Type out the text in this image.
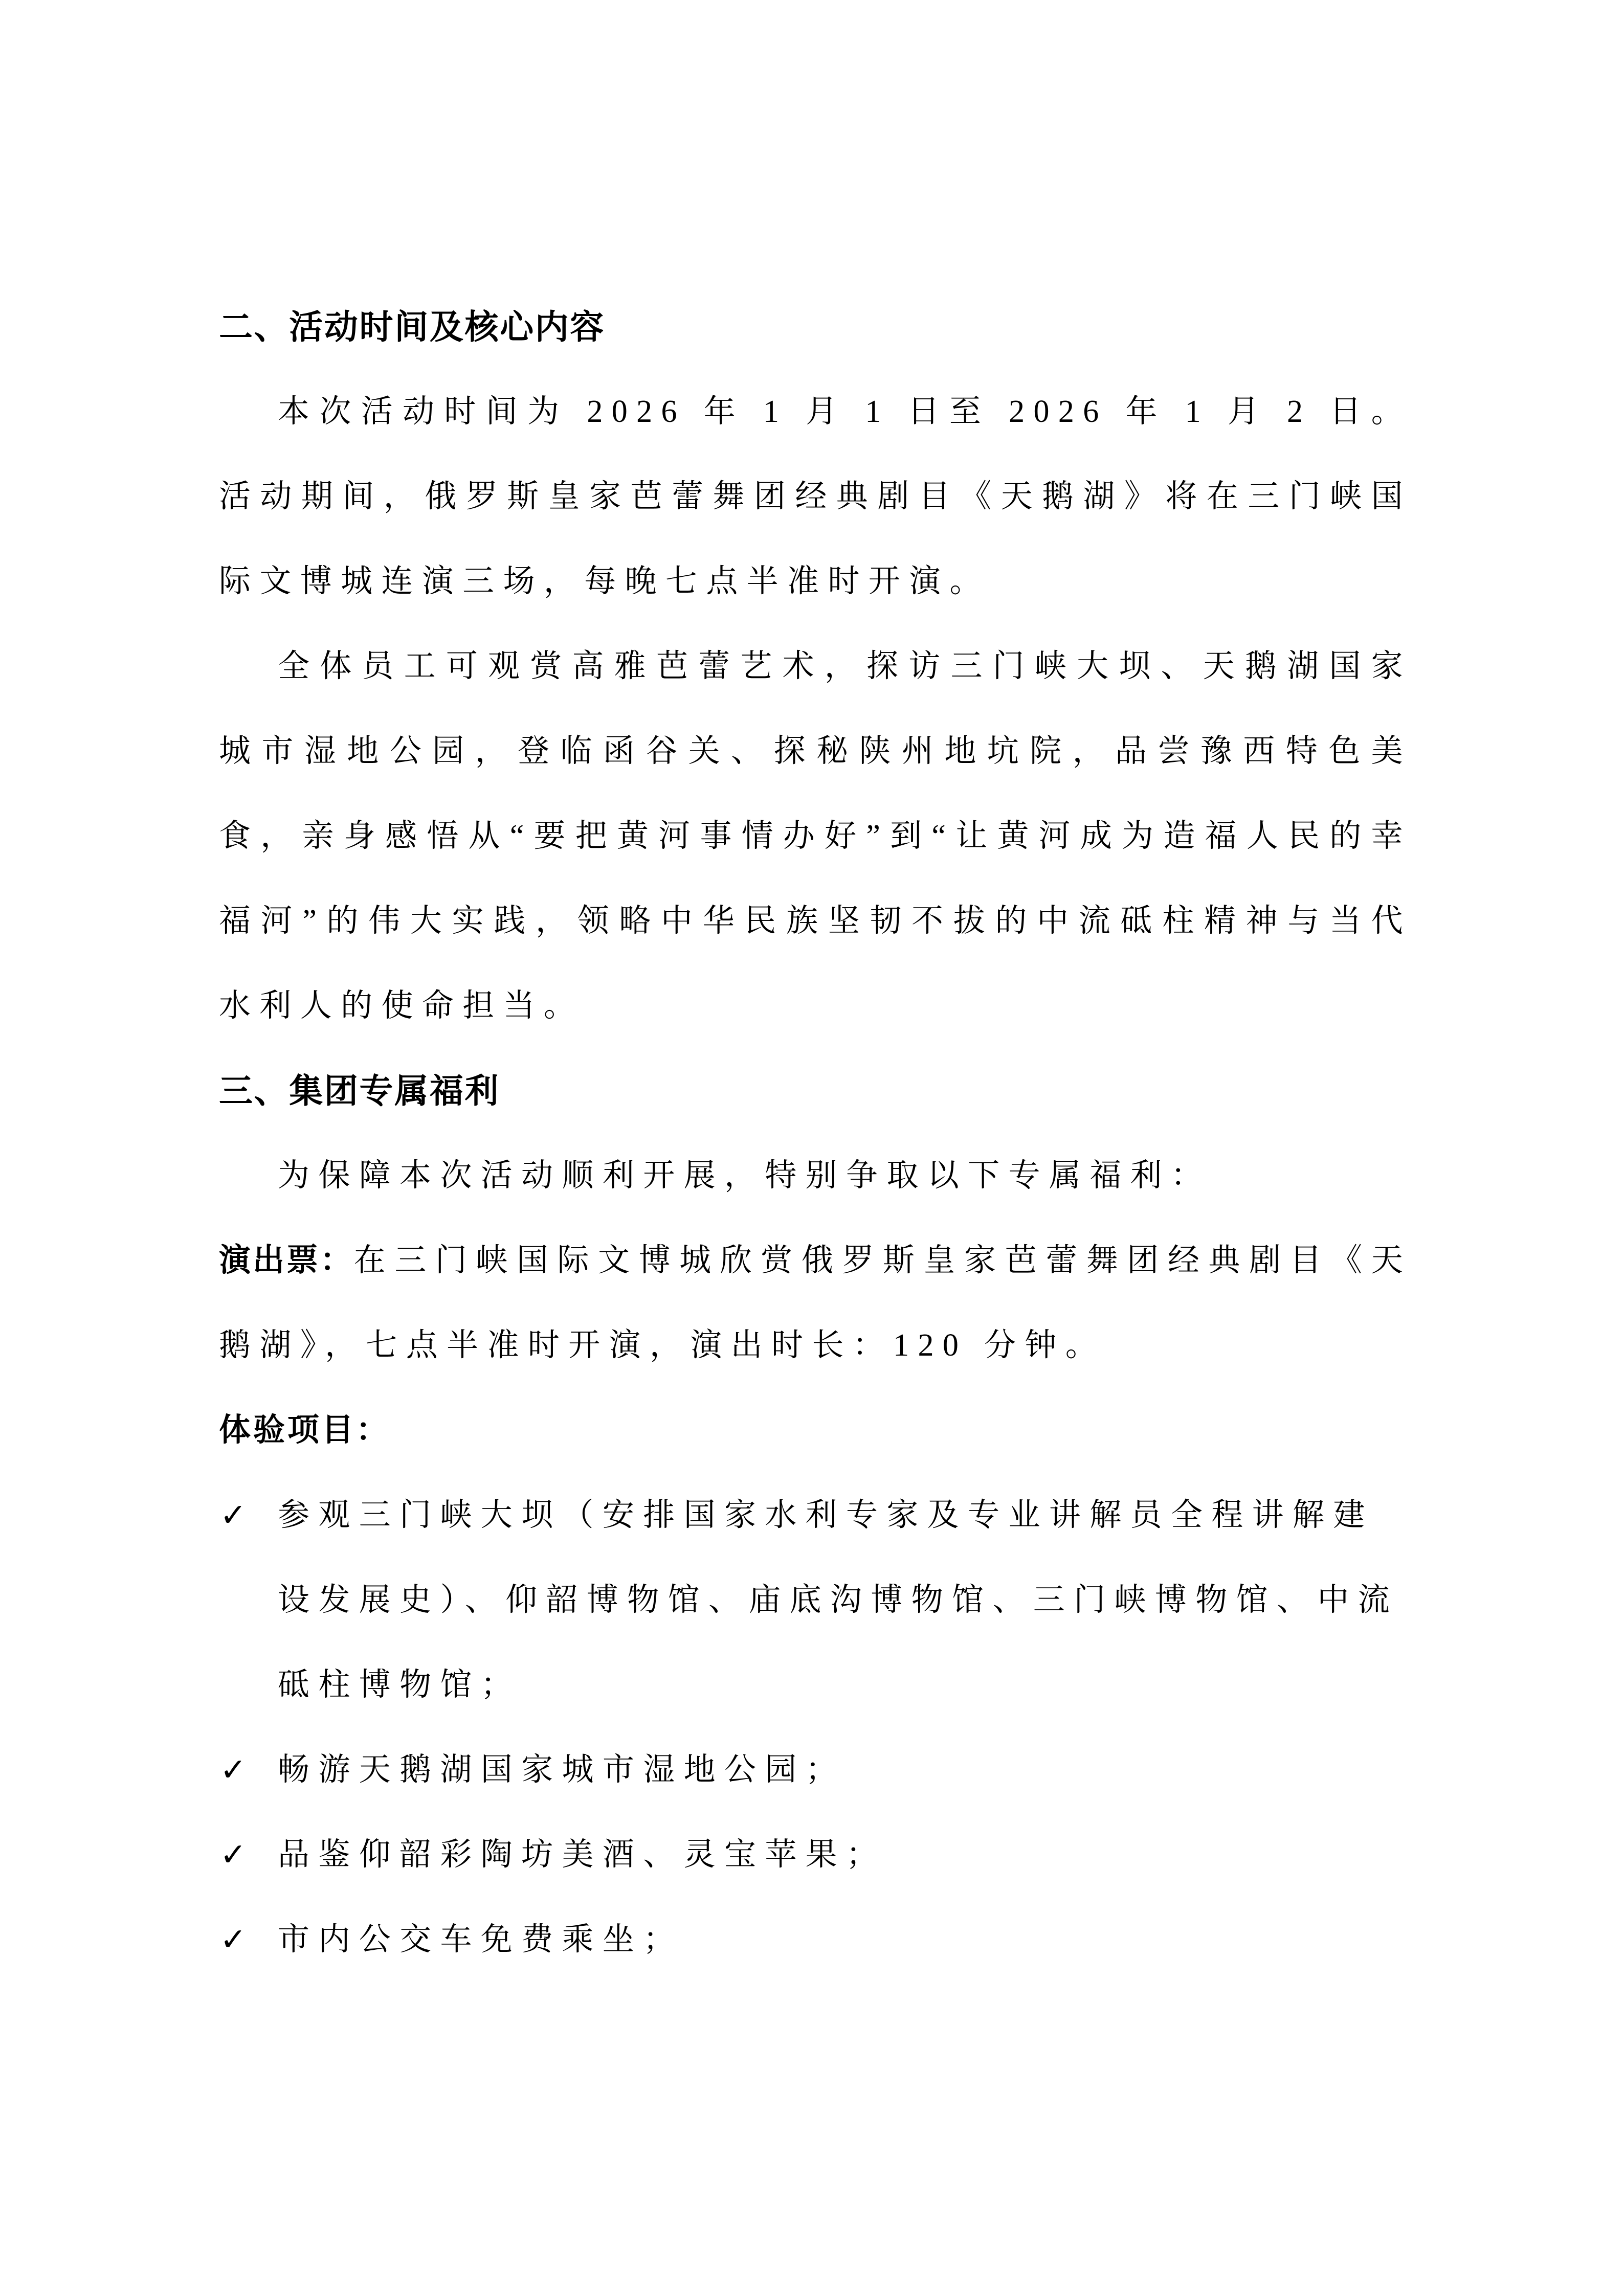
二、活动时间及核心内容

本次活动时间为 2026 年 1 月 1 日至 2026 年 1 月 2 日。活动期间，俄罗斯皇家芭蕾舞团经典剧目《天鹅湖》将在三门峡国际文博城连演三场，每晚七点半准时开演。

全体员工可观赏高雅芭蕾艺术，探访三门峡大坝、天鹅湖国家城市湿地公园，登临函谷关、探秘陕州地坑院，品尝豫西特色美食，亲身感悟从“要把黄河事情办好”到“让黄河成为造福人民的幸福河”的伟大实践，领略中华民族坚韧不拔的中流砥柱精神与当代水利人的使命担当。

三、集团专属福利

为保障本次活动顺利开展，特别争取以下专属福利：

演出票：在三门峡国际文博城欣赏俄罗斯皇家芭蕾舞团经典剧目《天鹅湖》，七点半准时开演，演出时长：120 分钟。

体验项目：
✓ 参观三门峡大坝（安排国家水利专家及专业讲解员全程讲解建设发展史）、仰韶博物馆、庙底沟博物馆、三门峡博物馆、中流砥柱博物馆；
✓ 畅游天鹅湖国家城市湿地公园；
✓ 品鉴仰韶彩陶坊美酒、灵宝苹果；
✓ 市内公交车免费乘坐；
